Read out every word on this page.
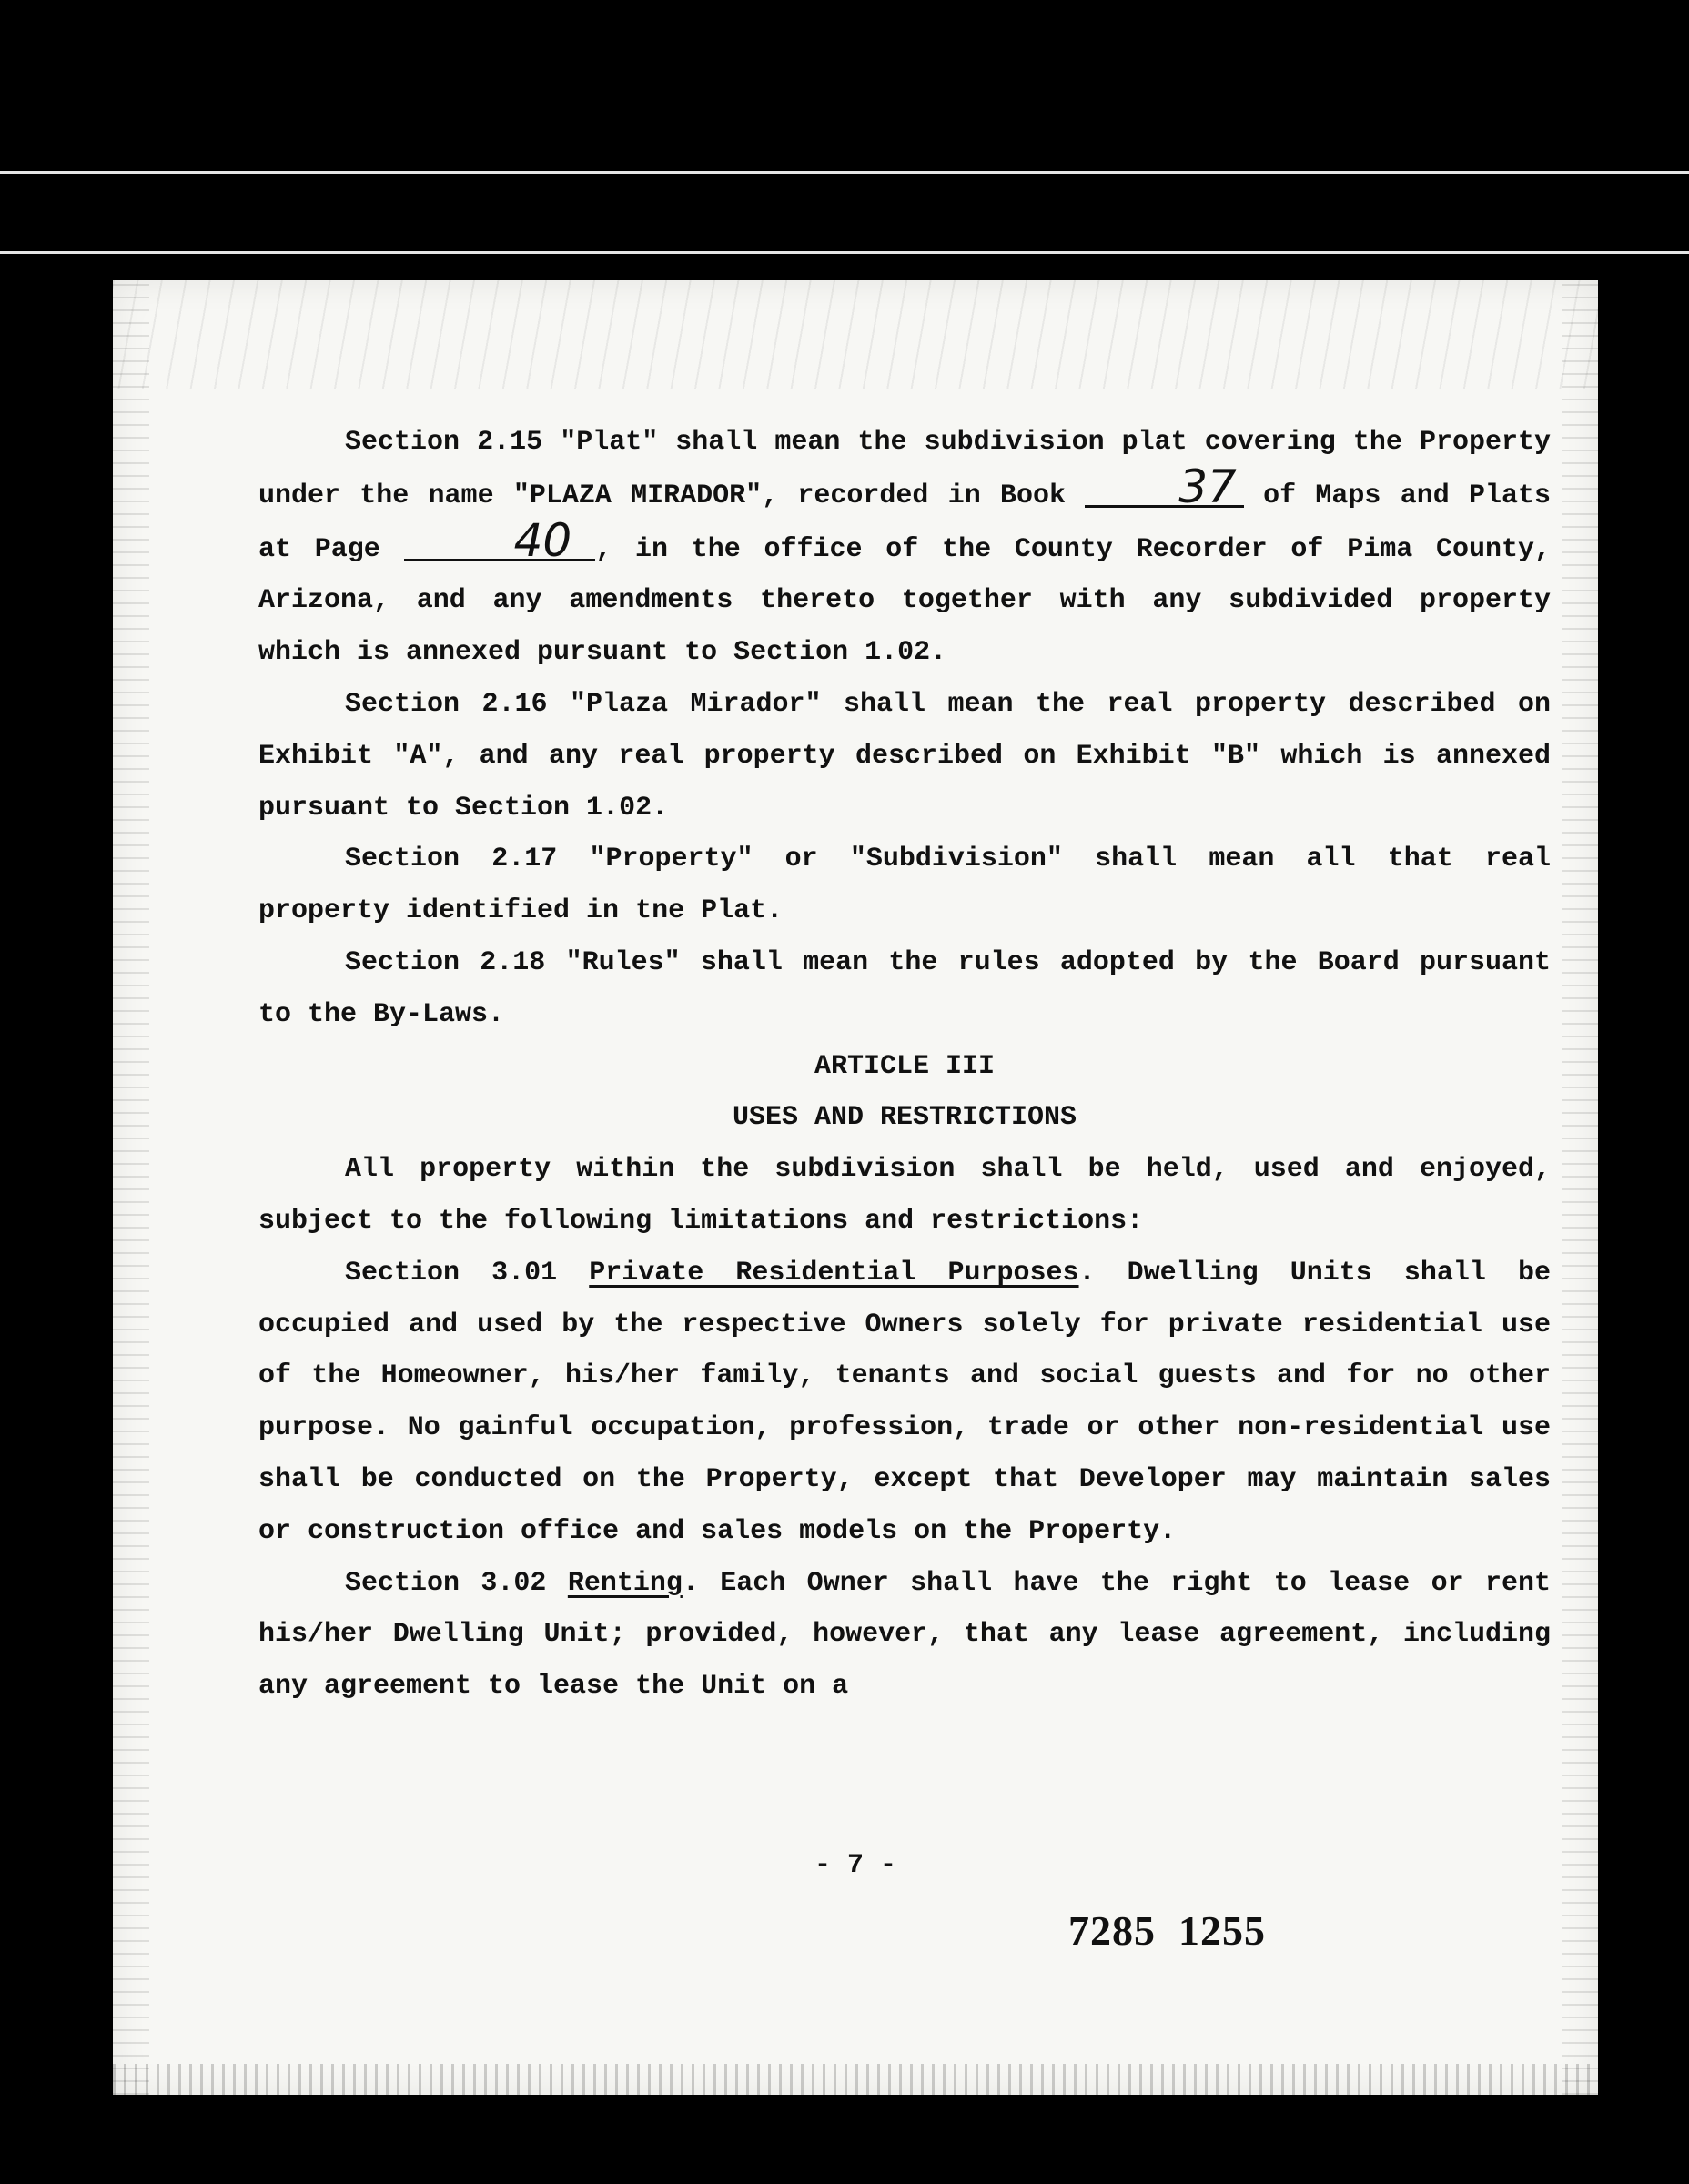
Section 2.15 "Plat" shall mean the subdivision plat covering the Property under the name "PLAZA MIRADOR", recorded in Book 37 of Maps and Plats at Page 40 , in the office of the County Recorder of Pima County, Arizona, and any amendments thereto together with any subdivided property which is annexed pursuant to Section 1.02.

Section 2.16 "Plaza Mirador" shall mean the real property described on Exhibit "A", and any real property described on Exhibit "B" which is annexed pursuant to Section 1.02.

Section 2.17 "Property" or "Subdivision" shall mean all that real property identified in tne Plat.

Section 2.18 "Rules" shall mean the rules adopted by the Board pursuant to the By-Laws.

ARTICLE III
USES AND RESTRICTIONS

All property within the subdivision shall be held, used and enjoyed, subject to the following limitations and restrictions:

Section 3.01 Private Residential Purposes. Dwelling Units shall be occupied and used by the respective Owners solely for private residential use of the Homeowner, his/her family, tenants and social guests and for no other purpose. No gainful occupation, profession, trade or other non-residential use shall be conducted on the Property, except that Developer may maintain sales or construction office and sales models on the Property.

Section 3.02 Renting. Each Owner shall have the right to lease or rent his/her Dwelling Unit; provided, however, that any lease agreement, including any agreement to lease the Unit on a

- 7 -
7285  1255
